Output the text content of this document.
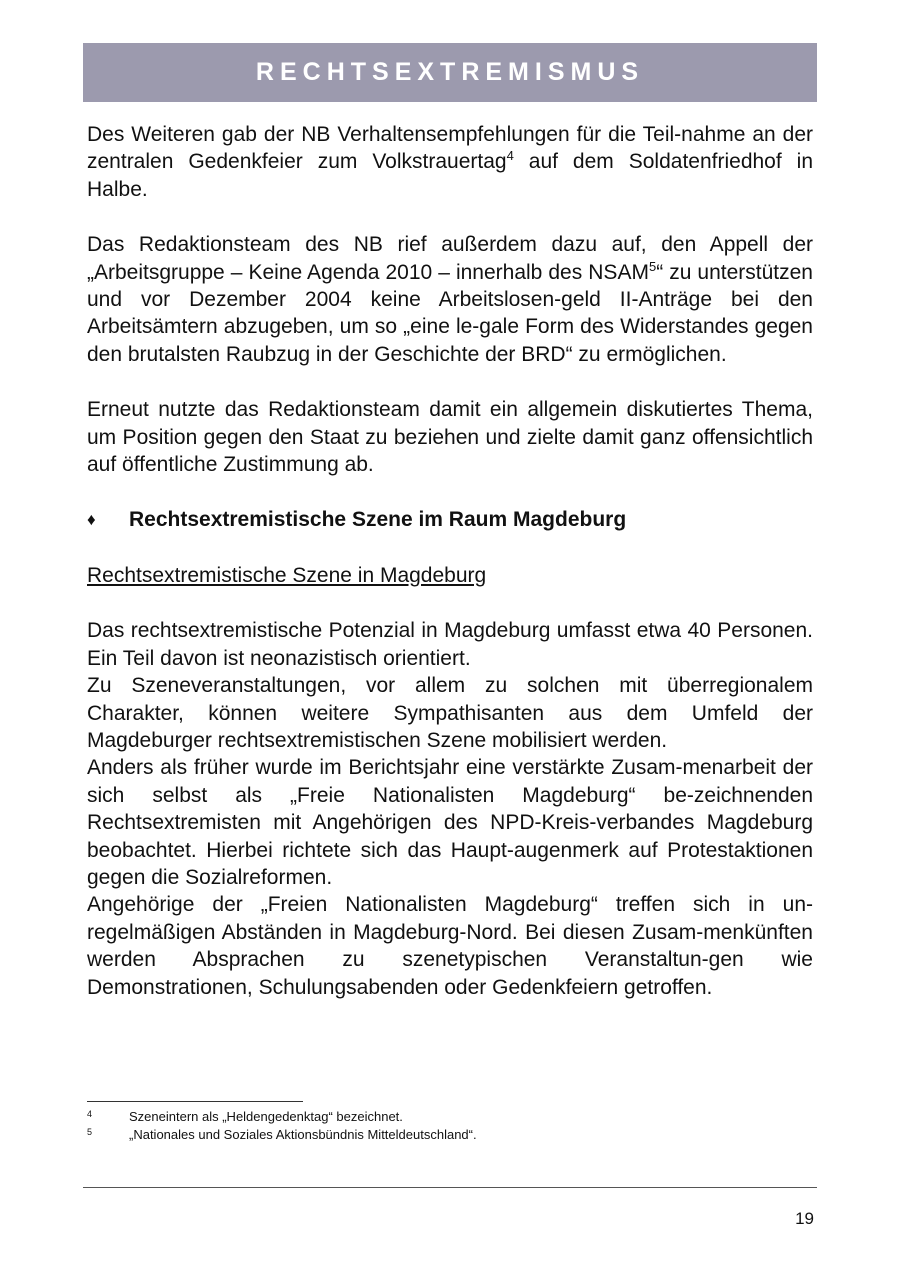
RECHTSEXTREMISMUS

Des Weiteren gab der NB Verhaltensempfehlungen für die Teil-nahme an der zentralen Gedenkfeier zum Volkstrauertag$^4$ auf dem Soldatenfriedhof in Halbe.

Das Redaktionsteam des NB rief außerdem dazu auf, den Appell der „Arbeitsgruppe – Keine Agenda 2010 – innerhalb des NSAM$^5$“ zu unterstützen und vor Dezember 2004 keine Arbeitslosen-geld II-Anträge bei den Arbeitsämtern abzugeben, um so „eine le-gale Form des Widerstandes gegen den brutalsten Raubzug in der Geschichte der BRD“ zu ermöglichen.

Erneut nutzte das Redaktionsteam damit ein allgemein diskutiertes Thema, um Position gegen den Staat zu beziehen und zielte damit ganz offensichtlich auf öffentliche Zustimmung ab.

♦	Rechtsextremistische Szene im Raum Magdeburg

Rechtsextremistische Szene in Magdeburg

Das rechtsextremistische Potenzial in Magdeburg umfasst etwa 40 Personen. Ein Teil davon ist neonazistisch orientiert.

Zu Szeneveranstaltungen, vor allem zu solchen mit überregionalem Charakter, können weitere Sympathisanten aus dem Umfeld der Magdeburger rechtsextremistischen Szene mobilisiert werden.

Anders als früher wurde im Berichtsjahr eine verstärkte Zusam-menarbeit der sich selbst als „Freie Nationalisten Magdeburg“ be-zeichnenden Rechtsextremisten mit Angehörigen des NPD-Kreis-verbandes Magdeburg beobachtet. Hierbei richtete sich das Haupt-augenmerk auf Protestaktionen gegen die Sozialreformen.

Angehörige der „Freien Nationalisten Magdeburg“ treffen sich in un-regelmäßigen Abständen in Magdeburg-Nord. Bei diesen Zusam-menkünften werden Absprachen zu szenetypischen Veranstaltun-gen wie Demonstrationen, Schulungsabenden oder Gedenkfeiern getroffen.

4	Szeneintern als „Heldengedenktag“ bezeichnet.
5	„Nationales und Soziales Aktionsbündnis Mitteldeutschland“.
19
